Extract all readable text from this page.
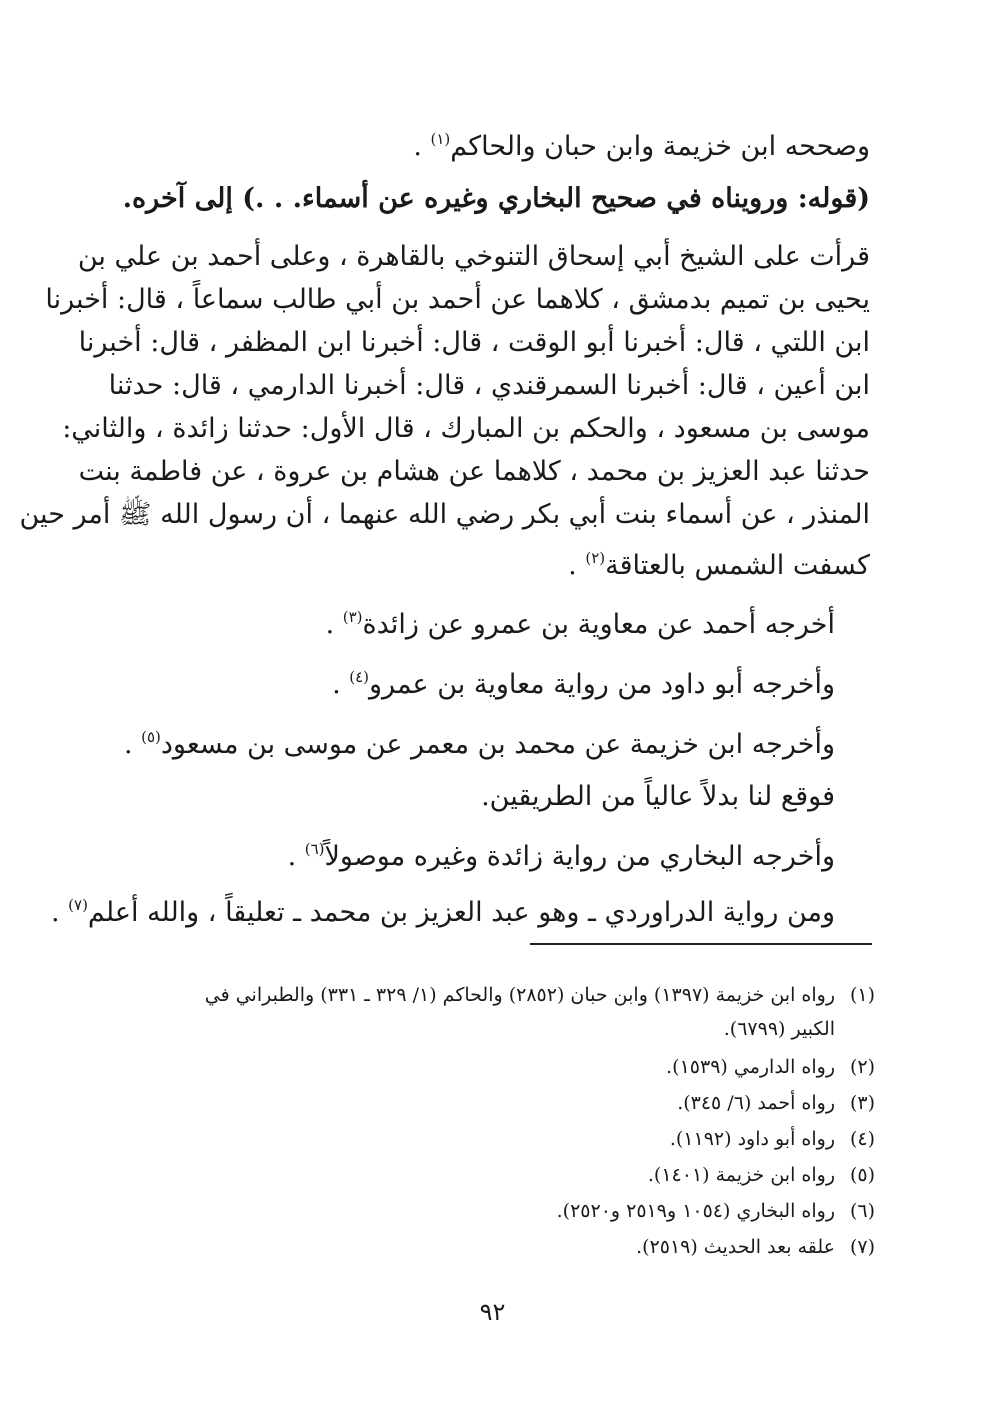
وصححه ابن خزيمة وابن حبان والحاكم$^{(١)}$ .
(قوله: ورويناه في صحيح البخاري وغيره عن أسماء. . .) إلى آخره.
قرأت على الشيخ أبي إسحاق التنوخي بالقاهرة ، وعلى أحمد بن علي بن
يحيى بن تميم بدمشق ، كلاهما عن أحمد بن أبي طالب سماعاً ، قال: أخبرنا
ابن اللتي ، قال: أخبرنا أبو الوقت ، قال: أخبرنا ابن المظفر ، قال: أخبرنا
ابن أعين ، قال: أخبرنا السمرقندي ، قال: أخبرنا الدارمي ، قال: حدثنا
موسى بن مسعود ، والحكم بن المبارك ، قال الأول: حدثنا زائدة ، والثاني:
حدثنا عبد العزيز بن محمد ، كلاهما عن هشام بن عروة ، عن فاطمة بنت
المنذر ، عن أسماء بنت أبي بكر رضي الله عنهما ، أن رسول الله ﷺ أمر حين
كسفت الشمس بالعتاقة$^{(٢)}$ .
أخرجه أحمد عن معاوية بن عمرو عن زائدة$^{(٣)}$ .
وأخرجه أبو داود من رواية معاوية بن عمرو$^{(٤)}$ .
وأخرجه ابن خزيمة عن محمد بن معمر عن موسى بن مسعود$^{(٥)}$ .
فوقع لنا بدلاً عالياً من الطريقين.
وأخرجه البخاري من رواية زائدة وغيره موصولاً$^{(٦)}$ .
ومن رواية الدراوردي ـ وهو عبد العزيز بن محمد ـ تعليقاً ، والله أعلم$^{(٧)}$ .
(١)رواه ابن خزيمة (١٣٩٧) وابن حبان (٢٨٥٢) والحاكم (١/ ٣٢٩ ـ ٣٣١) والطبراني في
الكبير (٦٧٩٩).
(٢)رواه الدارمي (١٥٣٩).
(٣)رواه أحمد (٦/ ٣٤٥).
(٤)رواه أبو داود (١١٩٢).
(٥)رواه ابن خزيمة (١٤٠١).
(٦)رواه البخاري (١٠٥٤ و٢٥١٩ و٢٥٢٠).
(٧)علقه بعد الحديث (٢٥١٩).
٩٢
